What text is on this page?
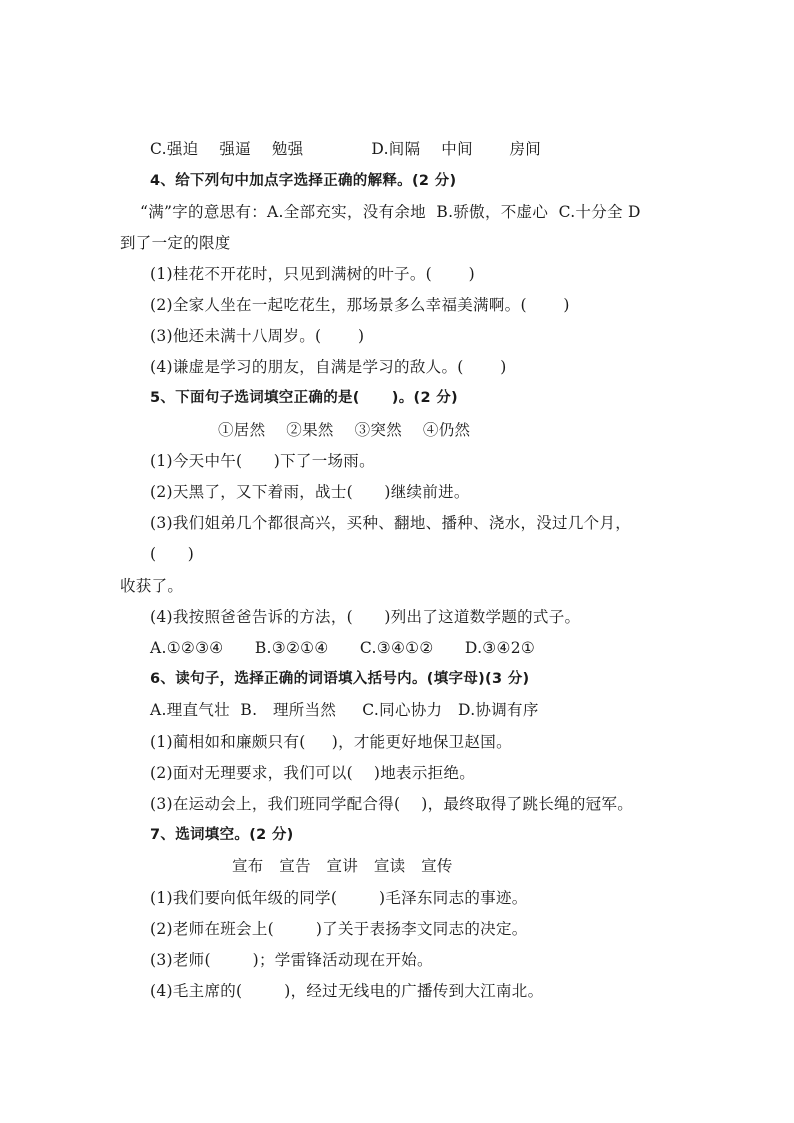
C.强迫    强逼    勉强             D.间隔    中间       房间
4、给下列句中加点字选择正确的解释。(2 分)
“满”字的意思有：A.全部充实，没有余地  B.骄傲，不虚心  C.十分全 D
到了一定的限度
(1)桂花不开花时，只见到满树的叶子。(       )
(2)全家人坐在一起吃花生，那场景多么幸福美满啊。(       )
(3)他还未满十八周岁。(       )
(4)谦虚是学习的朋友，自满是学习的敌人。(       )
5、下面句子选词填空正确的是(      )。(2 分)
①居然    ②果然    ③突然    ④仍然
(1)今天中午(      )下了一场雨。
(2)天黑了，又下着雨，战士(      )继续前进。
(3)我们姐弟几个都很高兴，买种、翻地、播种、浇水，没过几个月，
(      )
收获了。
(4)我按照爸爸告诉的方法，(      )列出了这道数学题的式子。
A.①②③④      B.③②①④      C.③④①②      D.③④2①
6、读句子，选择正确的词语填入括号内。(填字母)(3 分)
A.理直气壮  B.   理所当然     C.同心协力   D.协调有序
(1)蔺相如和廉颇只有(     )，才能更好地保卫赵国。
(2)面对无理要求，我们可以(    )地表示拒绝。
(3)在运动会上，我们班同学配合得(    )，最终取得了跳长绳的冠军。
7、选词填空。(2 分)
宣布   宣告   宣讲   宣读   宣传
(1)我们要向低年级的同学(        )毛泽东同志的事迹。
(2)老师在班会上(        )了关于表扬李文同志的决定。
(3)老师(        )；学雷锋活动现在开始。
(4)毛主席的(        )，经过无线电的广播传到大江南北。
